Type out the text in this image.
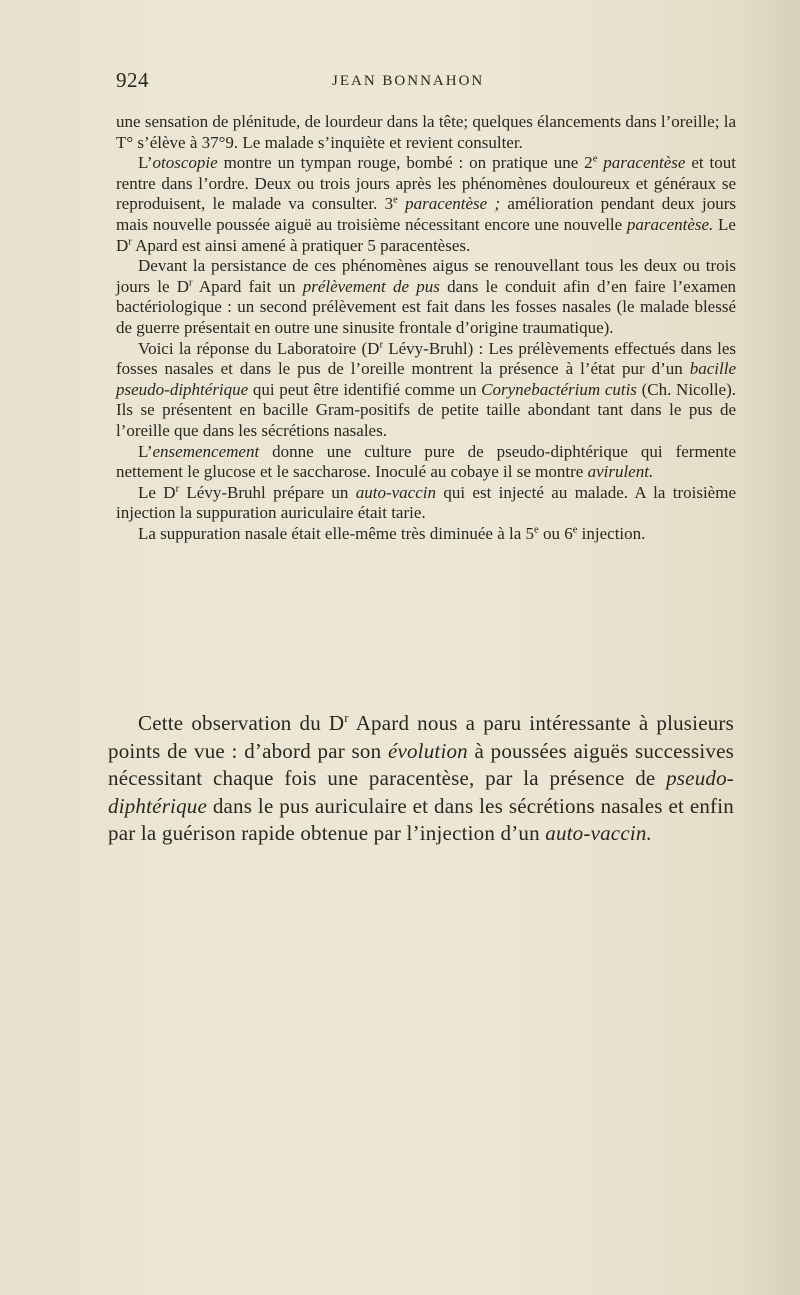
924	JEAN BONNAHON

une sensation de plénitude, de lourdeur dans la tête; quelques élancements dans l’oreille; la T° s’élève à 37°9. Le malade s’inquiète et revient consulter.

L’otoscopie montre un tympan rouge, bombé : on pratique une 2e paracentèse et tout rentre dans l’ordre. Deux ou trois jours après les phénomènes douloureux et généraux se reproduisent, le malade va consulter. 3e paracentèse ; amélioration pendant deux jours mais nouvelle poussée aiguë au troisième nécessitant encore une nouvelle paracentèse. Le $D^r$ Apard est ainsi amené à pratiquer 5 paracentèses.

Devant la persistance de ces phénomènes aigus se renouvellant tous les deux ou trois jours le $D^r$ Apard fait un prélèvement de pus dans le conduit afin d’en faire l’examen bactériologique : un second prélèvement est fait dans les fosses nasales (le malade blessé de guerre présentait en outre une sinusite frontale d’origine traumatique).

Voici la réponse du Laboratoire ($D^r$ Lévy-Bruhl) : Les prélèvements effectués dans les fosses nasales et dans le pus de l’oreille montrent la présence à l’état pur d’un bacille pseudo-diphtérique qui peut être identifié comme un Corynebactérium cutis (Ch. Nicolle). Ils se présentent en bacille Gram-positifs de petite taille abondant tant dans le pus de l’oreille que dans les sécrétions nasales.

L’ensemencement donne une culture pure de pseudo-diphtérique qui fermente nettement le glucose et le saccharose. Inoculé au cobaye il se montre avirulent.

Le $D^r$ Lévy-Bruhl prépare un auto-vaccin qui est injecté au malade. A la troisième injection la suppuration auriculaire était tarie.

La suppuration nasale était elle-même très diminuée à la 5e ou 6e injection.

Cette observation du $D^r$ Apard nous a paru intéressante à plusieurs points de vue : d’abord par son évolution à poussées aiguës successives nécessitant chaque fois une paracentèse, par la présence de pseudo-diphtérique dans le pus auriculaire et dans les sécrétions nasales et enfin par la guérison rapide obtenue par l’injection d’un auto-vaccin.
